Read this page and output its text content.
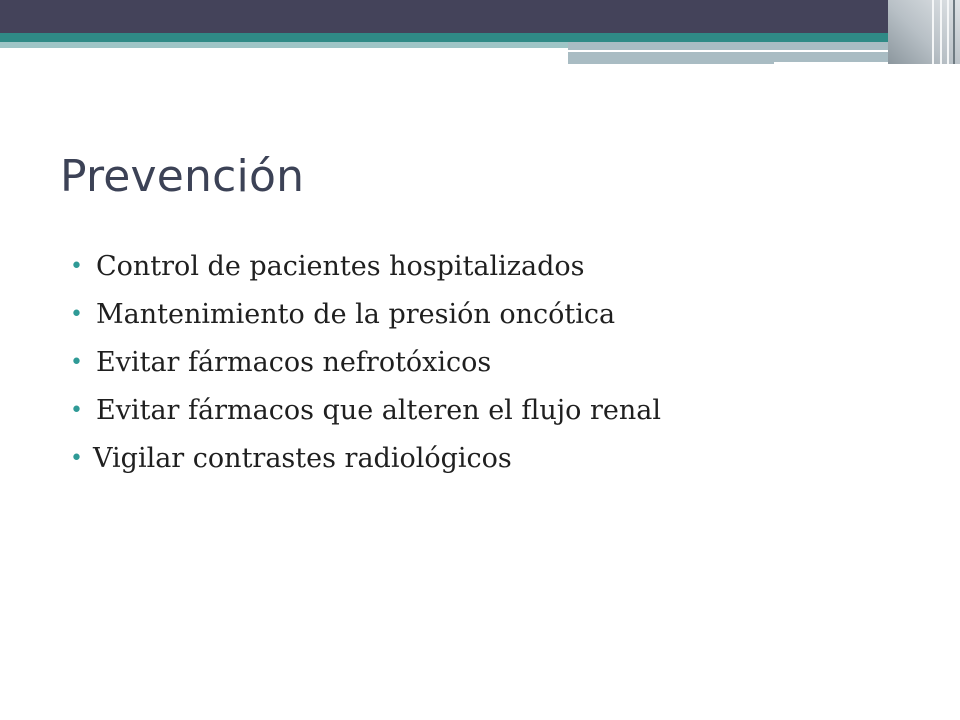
Prevención
• Control de pacientes hospitalizados
• Mantenimiento de la presión oncótica
• Evitar fármacos nefrotóxicos
• Evitar fármacos que alteren el flujo renal
• Vigilar contrastes radiológicos
